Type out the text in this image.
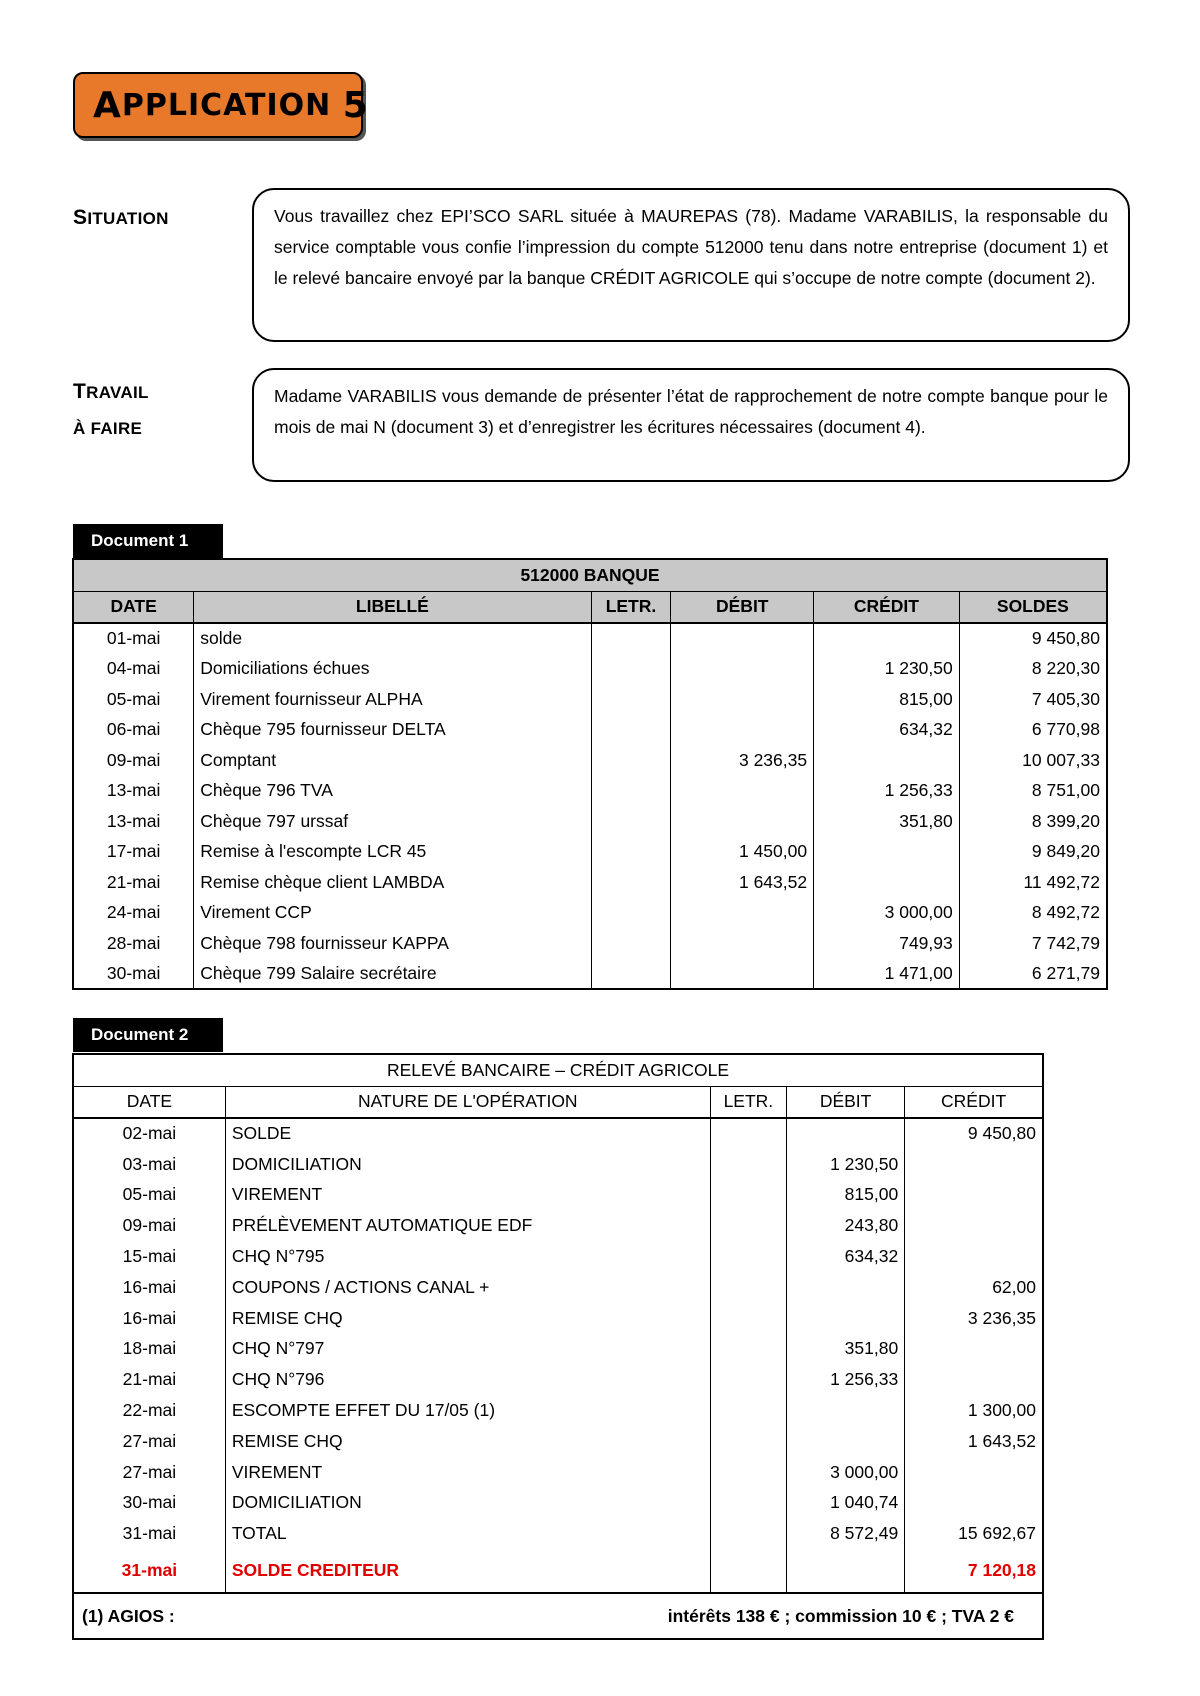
A PPLICATION
5
SITUATION	Vous travaillez chez EPI’SCO SARL située à MAUREPAS (78). Madame VARABILIS, la responsable du service comptable vous confie l’impression du compte 512000 tenu dans notre entreprise (document 1) et le relevé bancaire envoyé par la banque CRÉDIT AGRICOLE qui s’occupe de notre compte (document 2).

TRAVAIL
À FAIRE

Madame VARABILIS vous demande de présenter l’état de rapprochement de notre compte banque pour le mois de mai N (document 3) et d’enregistrer les écritures nécessaires (document 4).

Document 1
512000 BANQUE					
DATE	LIBELLÉ	LETR.	DÉBIT	CRÉDIT	SOLDES
01-mai	solde				9 450,80
04-mai	Domiciliations échues			1 230,50	8 220,30
05-mai	Virement fournisseur ALPHA			815,00	7 405,30
06-mai	Chèque 795 fournisseur DELTA			634,32	6 770,98
09-mai	Comptant		3 236,35		10 007,33
13-mai	Chèque 796 TVA			1 256,33	8 751,00
13-mai	Chèque 797 urssaf			351,80	8 399,20
17-mai	Remise à l'escompte LCR 45		1 450,00		9 849,20
21-mai	Remise chèque client LAMBDA		1 643,52		11 492,72
24-mai	Virement CCP			3 000,00	8 492,72
28-mai	Chèque 798 fournisseur KAPPA			749,93	7 742,79
30-mai	Chèque 799 Salaire secrétaire			1 471,00	6 271,79
Document 2
RELEVÉ BANCAIRE – CRÉDIT AGRICOLE				
DATE	NATURE DE L'OPÉRATION	LETR.	DÉBIT	CRÉDIT
02-mai	SOLDE			9 450,80
03-mai	DOMICILIATION		1 230,50	
05-mai	VIREMENT		815,00	
09-mai	PRÉLÈVEMENT AUTOMATIQUE EDF		243,80	
15-mai	CHQ N°795		634,32	
16-mai	COUPONS / ACTIONS CANAL +			62,00
16-mai	REMISE CHQ			3 236,35
18-mai	CHQ N°797		351,80	
21-mai	CHQ N°796		1 256,33	
22-mai	ESCOMPTE EFFET DU 17/05 (1)			1 300,00
27-mai	REMISE CHQ			1 643,52
27-mai	VIREMENT		3 000,00	
30-mai	DOMICILIATION		1 040,74	
31-mai	TOTAL		8 572,49	15 692,67
31-mai	SOLDE CREDITEUR			7 120,18
(1) AGIOS : intérêts 138 € ; commission 10 € ; TVA 2 €				
